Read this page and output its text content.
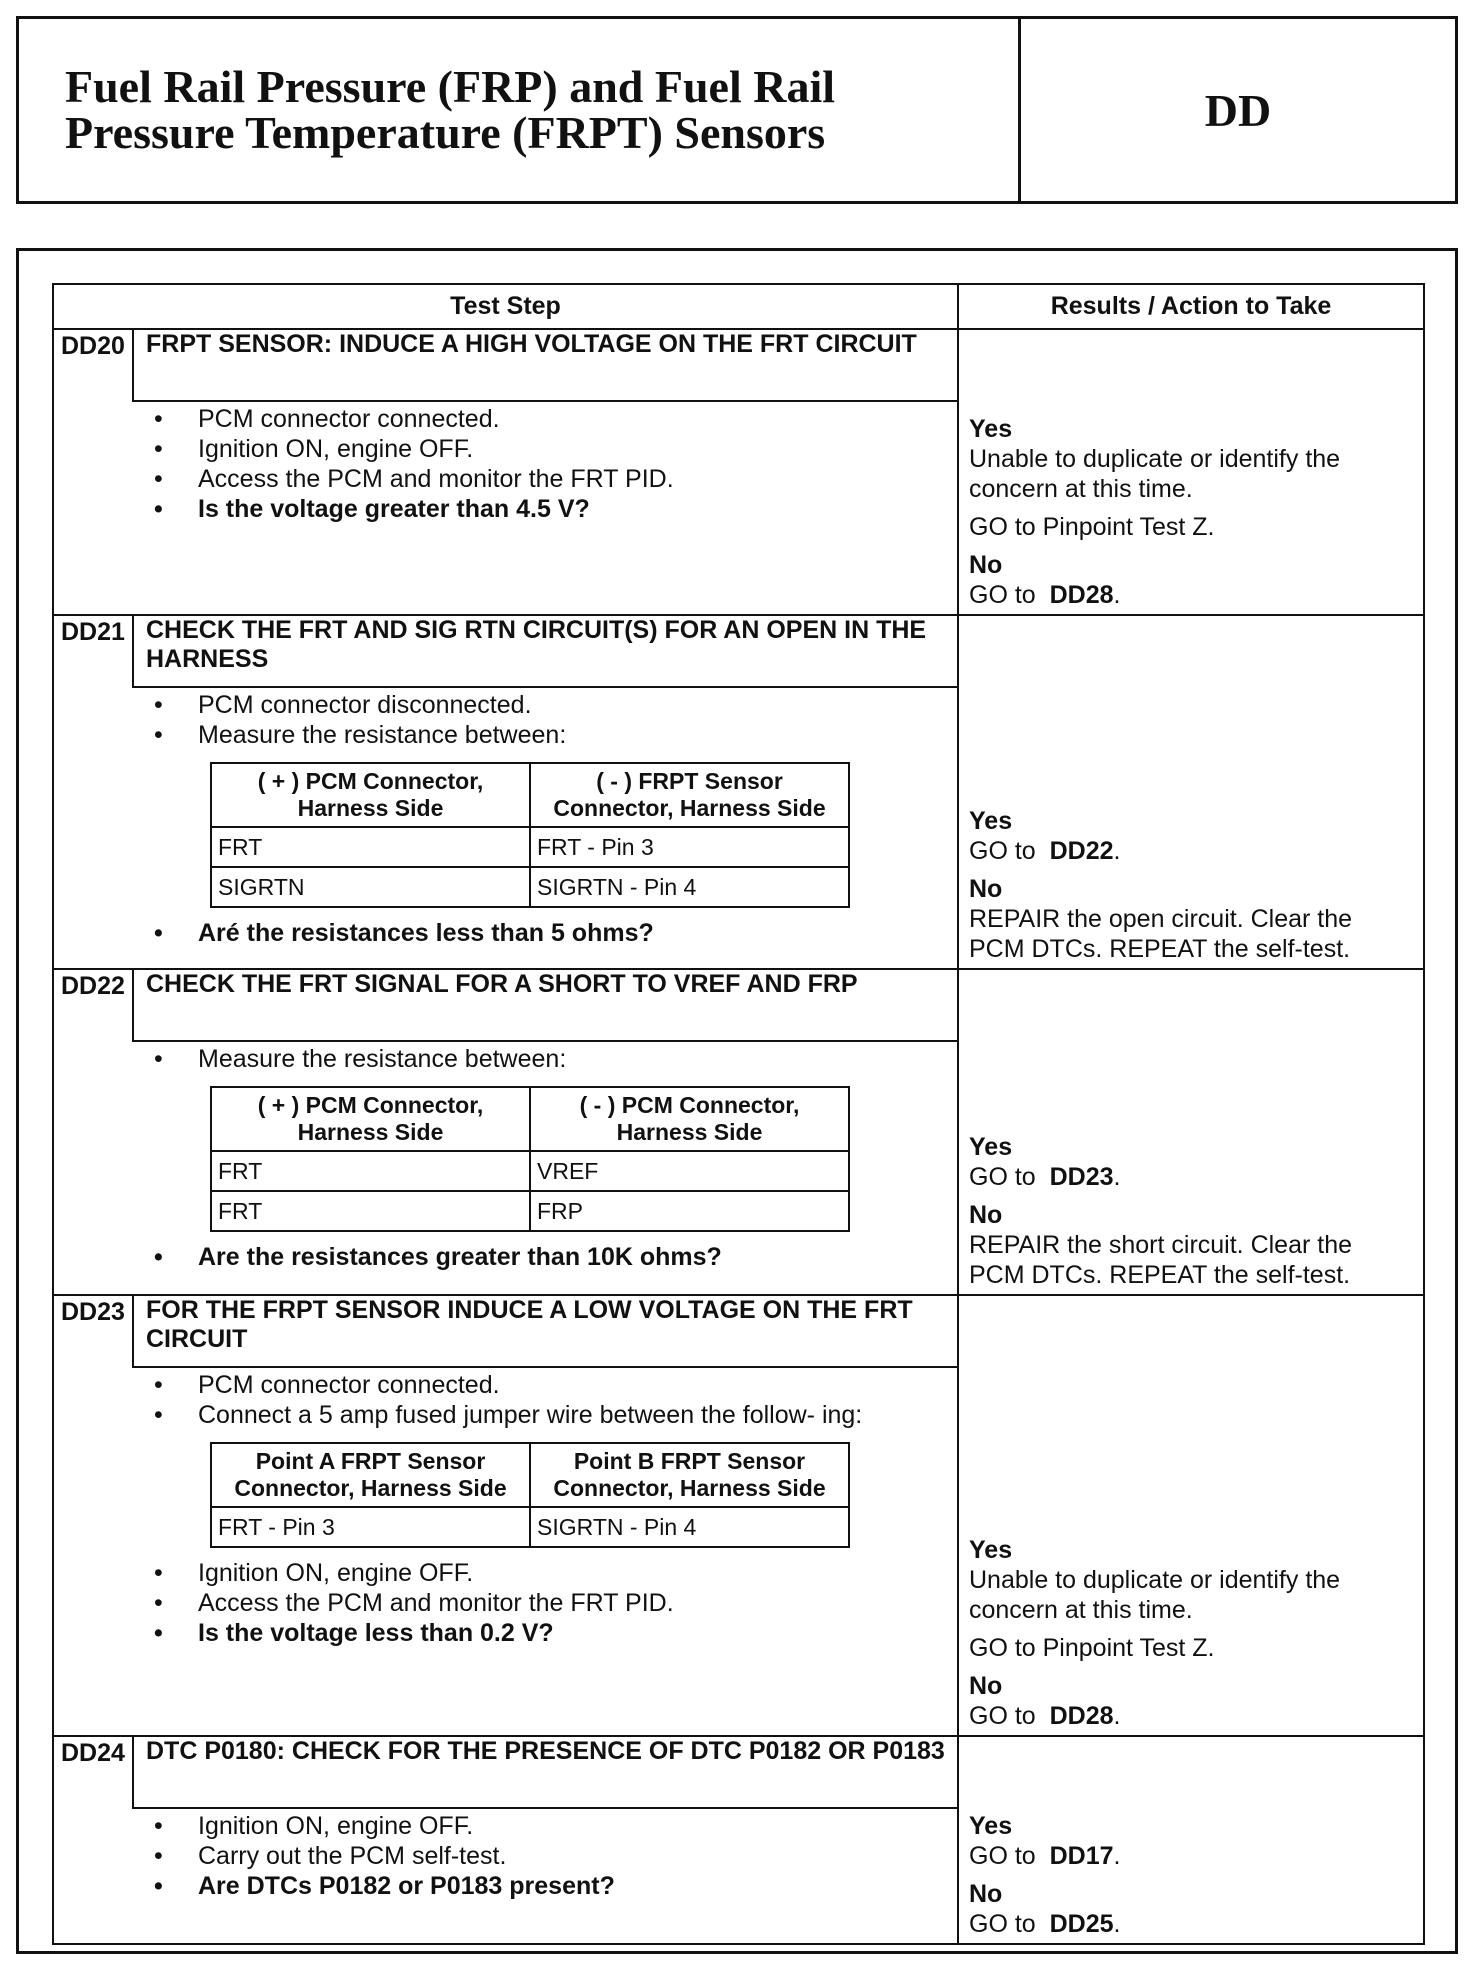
Fuel Rail Pressure (FRP) and Fuel Rail
Pressure Temperature (FRPT) Sensors	DD
Test Step	Results / Action to Take
DD20 FRPT SENSOR: INDUCE A HIGH VOLTAGE ON THE FRT CIRCUIT
• PCM connector connected.
• Ignition ON, engine OFF.
• Access the PCM and monitor the FRT PID.
• Is the voltage greater than 4.5 V?
Yes
Unable to duplicate or identify the concern at this time.
GO to Pinpoint Test Z.
No
GO to DD28.
DD21 CHECK THE FRT AND SIG RTN CIRCUIT(S) FOR AN OPEN IN THE HARNESS
• PCM connector disconnected.
• Measure the resistance between:
( + ) PCM Connector, Harness Side	( - ) FRPT Sensor Connector, Harness Side
FRT	FRT - Pin 3
SIGRTN	SIGRTN - Pin 4
• Aré the resistances less than 5 ohms?
Yes
GO to DD22.
No
REPAIR the open circuit. Clear the PCM DTCs. REPEAT the self-test.
DD22 CHECK THE FRT SIGNAL FOR A SHORT TO VREF AND FRP
• Measure the resistance between:
( + ) PCM Connector, Harness Side	( - ) PCM Connector, Harness Side
FRT	VREF
FRT	FRP
• Are the resistances greater than 10K ohms?
Yes
GO to DD23.
No
REPAIR the short circuit. Clear the PCM DTCs. REPEAT the self-test.
DD23 FOR THE FRPT SENSOR INDUCE A LOW VOLTAGE ON THE FRT CIRCUIT
• PCM connector connected.
• Connect a 5 amp fused jumper wire between the follow- ing:
Point A FRPT Sensor Connector, Harness Side	Point B FRPT Sensor Connector, Harness Side
FRT - Pin 3	SIGRTN - Pin 4
• Ignition ON, engine OFF.
• Access the PCM and monitor the FRT PID.
• Is the voltage less than 0.2 V?
Yes
Unable to duplicate or identify the concern at this time.
GO to Pinpoint Test Z.
No
GO to DD28.
DD24 DTC P0180: CHECK FOR THE PRESENCE OF DTC P0182 OR P0183
• Ignition ON, engine OFF.
• Carry out the PCM self-test.
• Are DTCs P0182 or P0183 present?
Yes
GO to DD17.
No
GO to DD25.
